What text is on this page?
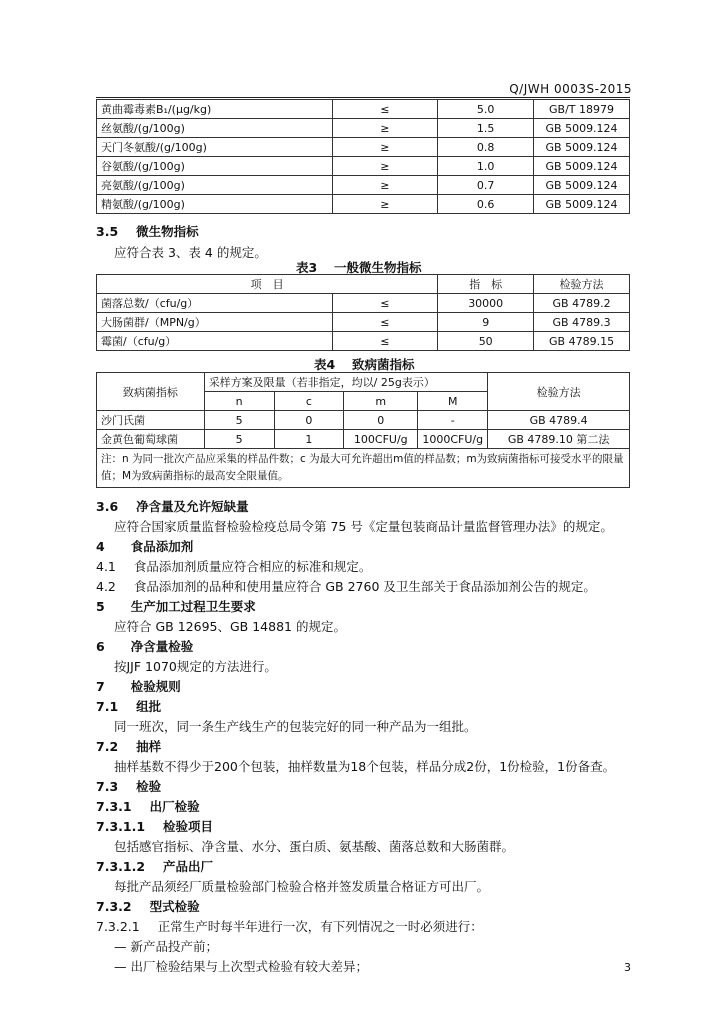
Q/JWH 0003S-2015
黄曲霉毒素B₁/(μg/kg)	≤	5.0	GB/T 18979
丝氨酸/(g/100g)	≥	1.5	GB 5009.124
天门冬氨酸/(g/100g)	≥	0.8	GB 5009.124
谷氨酸/(g/100g)	≥	1.0	GB 5009.124
亮氨酸/(g/100g)	≥	0.7	GB 5009.124
精氨酸/(g/100g)	≥	0.6	GB 5009.124
3.5 微生物指标
应符合表 3、表 4 的规定。
表3　 一般微生物指标
项　目		指　标	检验方法
菌落总数/（cfu/g）	≤	30000	GB 4789.2
大肠菌群/（MPN/g）	≤	9	GB 4789.3
霉菌/（cfu/g）	≤	50	GB 4789.15
表4　 致病菌指标
致病菌指标	采样方案及限量（若非指定，均以/ 25g表示）				检验方法
	n	c	m	M	
沙门氏菌	5	0	0	-	GB 4789.4
金黄色葡萄球菌	5	1	100CFU/g	1000CFU/g	GB 4789.10 第二法
注：n 为同一批次产品应采集的样品件数；c 为最大可允许超出m值的样品数；m为致病菌指标可接受水平的限量值；M为致病菌指标的最高安全限量值。					
3.6 净含量及允许短缺量
应符合国家质量监督检验检疫总局令第 75 号《定量包装商品计量监督管理办法》的规定。
4 食品添加剂
4.1 食品添加剂质量应符合相应的标准和规定。
4.2 食品添加剂的品种和使用量应符合 GB 2760 及卫生部关于食品添加剂公告的规定。
5 生产加工过程卫生要求
应符合 GB 12695、GB 14881 的规定。
6 净含量检验
按JJF 1070规定的方法进行。
7 检验规则
7.1 组批
同一班次，同一条生产线生产的包装完好的同一种产品为一组批。
7.2 抽样
抽样基数不得少于200个包装，抽样数量为18个包装，样品分成2份，1份检验，1份备查。
7.3 检验
7.3.1 出厂检验
7.3.1.1 检验项目
包括感官指标、净含量、水分、蛋白质、氨基酸、菌落总数和大肠菌群。
7.3.1.2 产品出厂
每批产品须经厂质量检验部门检验合格并签发质量合格证方可出厂。
7.3.2 型式检验
7.3.2.1 正常生产时每半年进行一次，有下列情况之一时必须进行：
— 新产品投产前；
— 出厂检验结果与上次型式检验有较大差异；	3
